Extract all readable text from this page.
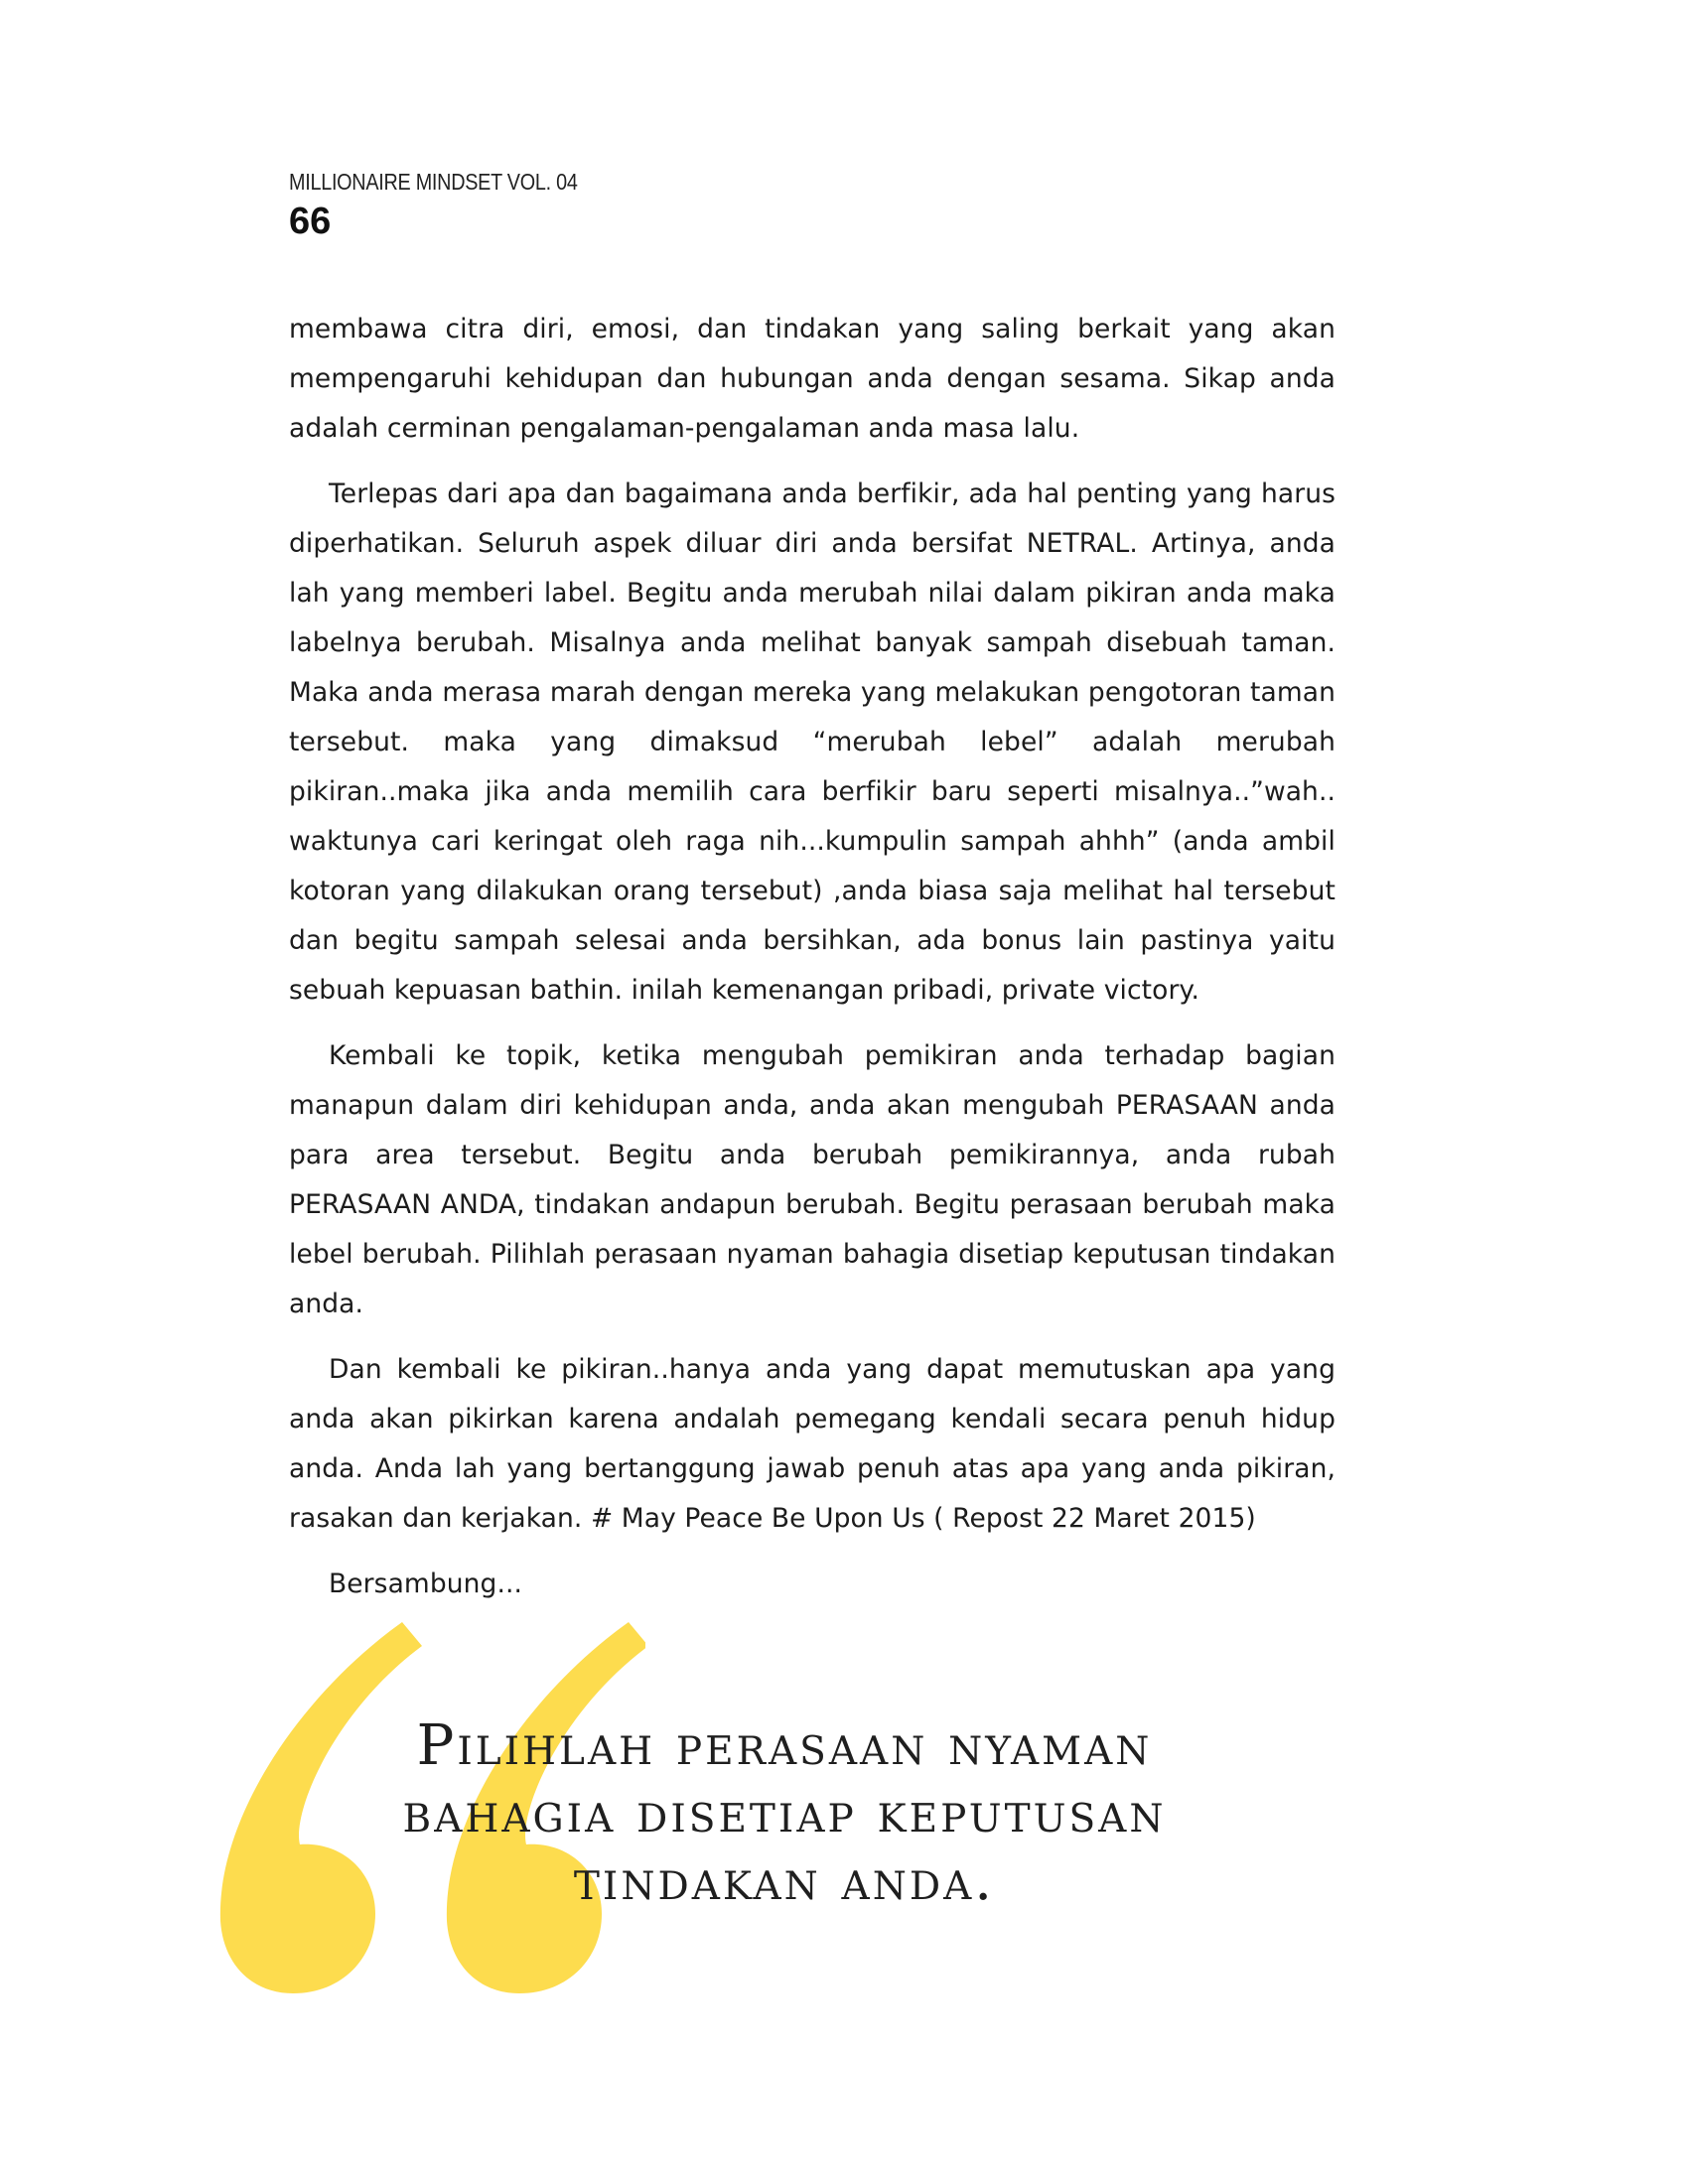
MILLIONAIRE MINDSET VOL. 04

66

membawa citra diri, emosi, dan tindakan yang saling berkait yang akan mempengaruhi kehidupan dan hubungan anda dengan sesama. Sikap anda adalah cerminan pengalaman-pengalaman anda masa lalu.

Terlepas dari apa dan bagaimana anda berfikir, ada hal penting yang harus diperhatikan. Seluruh aspek diluar diri anda bersifat NETRAL. Artinya, anda lah yang memberi label. Begitu anda merubah nilai dalam pikiran anda maka labelnya berubah. Misalnya anda melihat banyak sampah disebuah taman. Maka anda merasa marah dengan mereka yang melakukan pengotoran taman tersebut. maka yang dimaksud “merubah lebel” adalah merubah pikiran..maka jika anda memilih cara berfikir baru seperti misalnya..”wah.. waktunya cari keringat oleh raga nih...kumpulin sampah ahhh” (anda ambil kotoran yang dilakukan orang tersebut) ,anda biasa saja melihat hal tersebut dan begitu sampah selesai anda bersihkan, ada bonus lain pastinya yaitu sebuah kepuasan bathin. inilah kemenangan pribadi, private victory.

Kembali ke topik, ketika mengubah pemikiran anda terhadap bagian manapun dalam diri kehidupan anda, anda akan mengubah PERASAAN anda para area tersebut. Begitu anda berubah pemikirannya, anda rubah PERASAAN ANDA, tindakan andapun berubah. Begitu perasaan berubah maka lebel berubah. Pilihlah perasaan nyaman bahagia disetiap keputusan tindakan anda.

Dan kembali ke pikiran..hanya anda yang dapat memutuskan apa yang anda akan pikirkan karena andalah pemegang kendali secara penuh hidup anda. Anda lah yang bertanggung jawab penuh atas apa yang anda pikiran, rasakan dan kerjakan. # May Peace Be Upon Us ( Repost 22 Maret 2015)

Bersambung...

Pilihlah perasaan nyaman bahagia disetiap keputusan tindakan anda.
